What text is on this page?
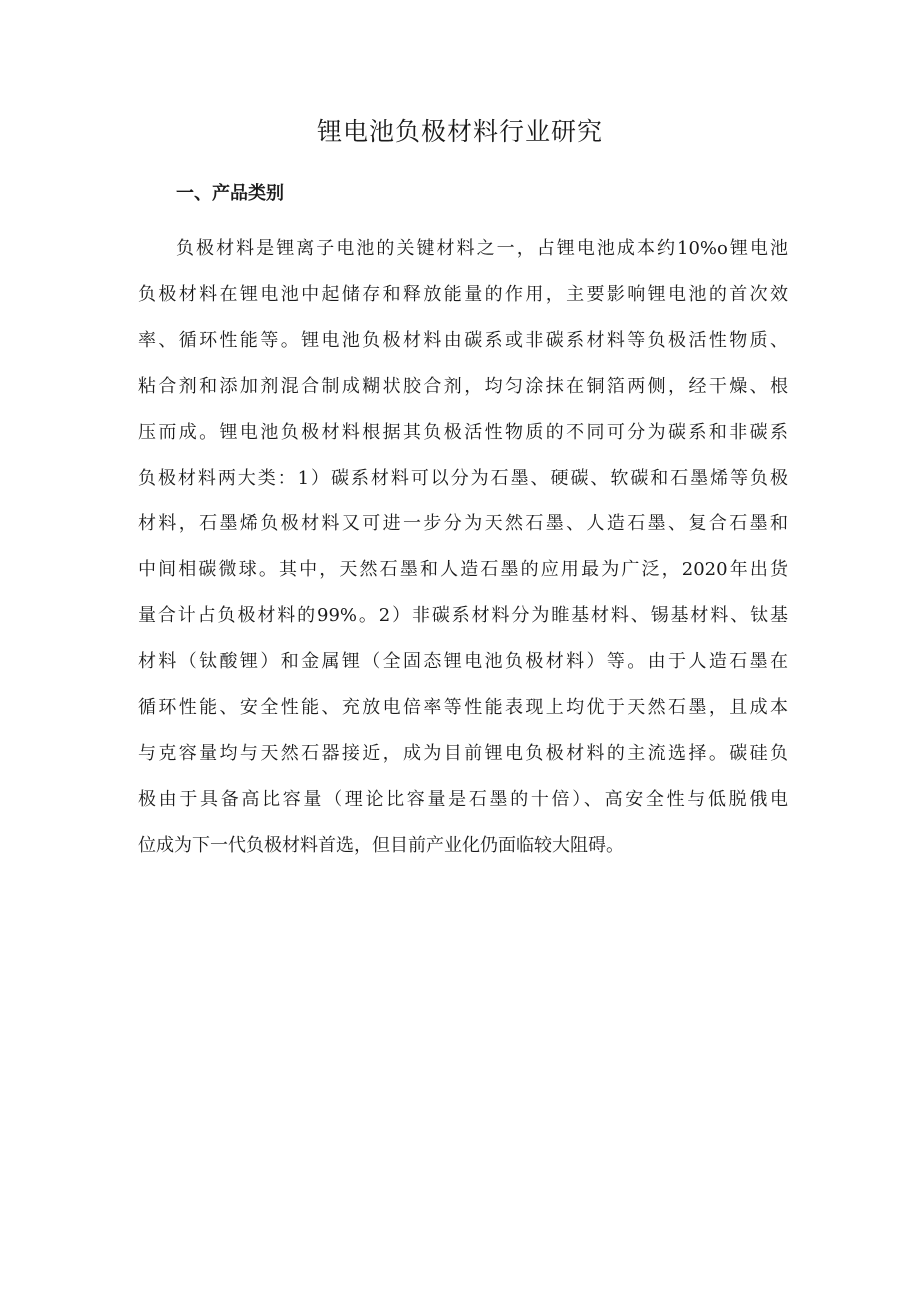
锂电池负极材料行业研究
一、产品类别
负极材料是锂离子电池的关键材料之一，占锂电池成本约10%o锂电池
负极材料在锂电池中起储存和释放能量的作用，主要影响锂电池的首次效
率、循环性能等。锂电池负极材料由碳系或非碳系材料等负极活性物质、
粘合剂和添加剂混合制成糊状胶合剂，均匀涂抹在铜箔两侧，经干燥、根
压而成。锂电池负极材料根据其负极活性物质的不同可分为碳系和非碳系
负极材料两大类：1）碳系材料可以分为石墨、硬碳、软碳和石墨烯等负极
材料，石墨烯负极材料又可进一步分为天然石墨、人造石墨、复合石墨和
中间相碳微球。其中，天然石墨和人造石墨的应用最为广泛，2020年出货
量合计占负极材料的99%。2）非碳系材料分为睢基材料、锡基材料、钛基
材料（钛酸锂）和金属锂（全固态锂电池负极材料）等。由于人造石墨在
循环性能、安全性能、充放电倍率等性能表现上均优于天然石墨，且成本
与克容量均与天然石器接近，成为目前锂电负极材料的主流选择。碳硅负
极由于具备高比容量（理论比容量是石墨的十倍）、高安全性与低脱俄电
位成为下一代负极材料首选，但目前产业化仍面临较大阻碍。
